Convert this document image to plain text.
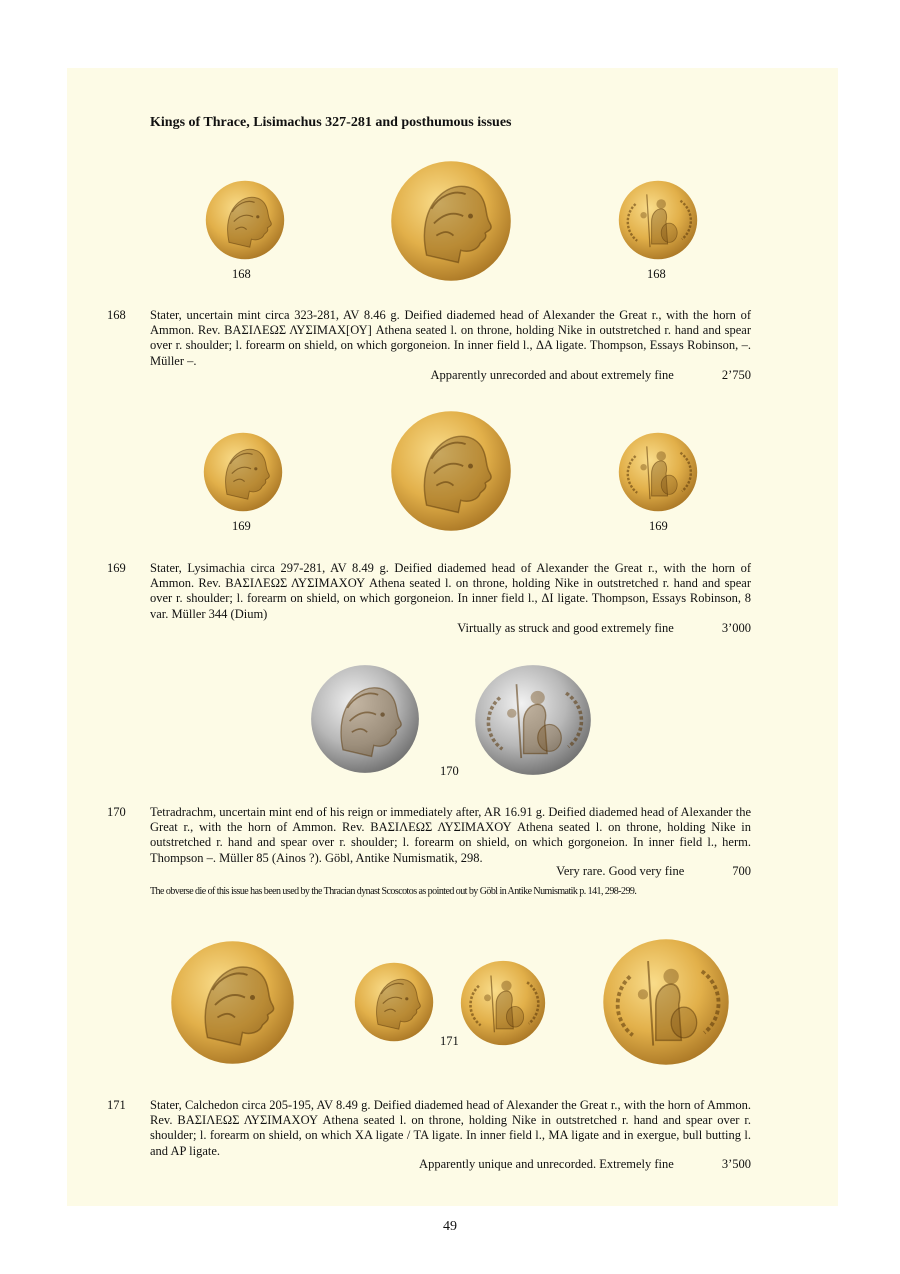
Kings of Thrace, Lisimachus 327-281 and posthumous issues
168	168
168 Stater, uncertain mint circa 323-281, AV 8.46 g. Deified diademed head of Alexander the Great r., with the horn of Ammon. Rev. ΒΑΣΙΛΕΩΣ ΛΥΣΙΜΑΧ[ΟΥ] Athena seated l. on throne, holding Nike in outstretched r. hand and spear over r. shoulder; l. forearm on shield, on which gorgoneion. In inner field l., ΔA ligate. Thompson, Essays Robinson, –. Müller –.

Apparently unrecorded and about extremely fine	2’750
169	169
169 Stater, Lysimachia circa 297-281, AV 8.49 g. Deified diademed head of Alexander the Great r., with the horn of Ammon. Rev. ΒΑΣΙΛΕΩΣ ΛΥΣΙΜΑΧΟΥ Athena seated l. on throne, holding Nike in outstretched r. hand and spear over r. shoulder; l. forearm on shield, on which gorgoneion. In inner field l., ΔI ligate. Thompson, Essays Robinson, 8 var. Müller 344 (Dium)

Virtually as struck and good extremely fine	3’000
170
170 Tetradrachm, uncertain mint end of his reign or immediately after, AR 16.91 g. Deified diademed head of Alexander the Great r., with the horn of Ammon. Rev. ΒΑΣΙΛΕΩΣ ΛΥΣΙΜΑΧΟΥ Athena seated l. on throne, holding Nike in outstretched r. hand and spear over r. shoulder; l. forearm on shield, on which gorgoneion. In inner field l., herm. Thompson –. Müller 85 (Ainos ?). Göbl, Antike Numismatik, 298.

Very rare. Good very fine	700
The obverse die of this issue has been used by the Thracian dynast Scoscotos as pointed out by Göbl in Antike Numismatik p. 141, 298-299.
171
171 Stater, Calchedon circa 205-195, AV 8.49 g. Deified diademed head of Alexander the Great r., with the horn of Ammon. Rev. ΒΑΣΙΛΕΩΣ ΛΥΣΙΜΑΧΟΥ Athena seated l. on throne, holding Nike in outstretched r. hand and spear over r. shoulder; l. forearm on shield, on which XA ligate / TA ligate. In inner field l., MA ligate and in exergue, bull butting l. and AP ligate.

Apparently unique and unrecorded. Extremely fine	3’500
49
